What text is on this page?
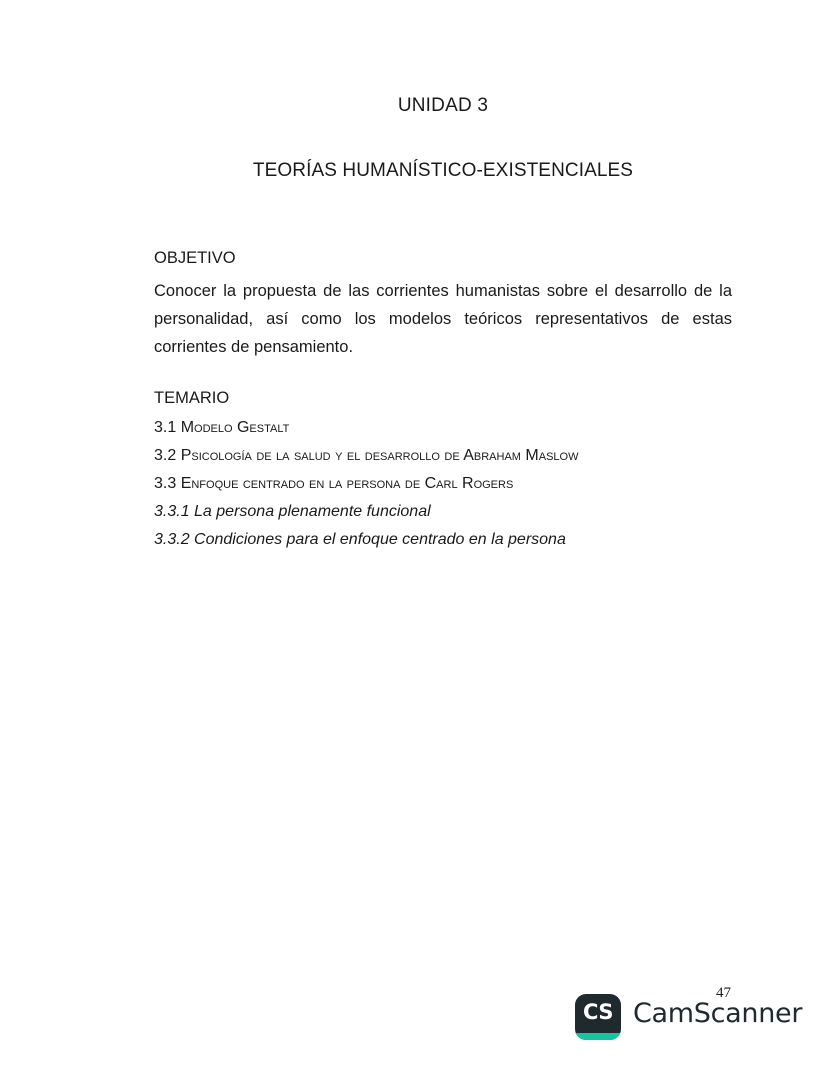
UNIDAD 3
TEORÍAS HUMANÍSTICO-EXISTENCIALES
OBJETIVO
Conocer la propuesta de las corrientes humanistas sobre el desarrollo de la personalidad, así como los modelos teóricos representativos de estas corrientes de pensamiento.
TEMARIO
3.1 Modelo Gestalt
3.2 Psicología de la salud y el desarrollo de Abraham Maslow
3.3 Enfoque centrado en la persona de Carl Rogers
3.3.1 La persona plenamente funcional
3.3.2 Condiciones para el enfoque centrado en la persona
47
CS CamScanner
